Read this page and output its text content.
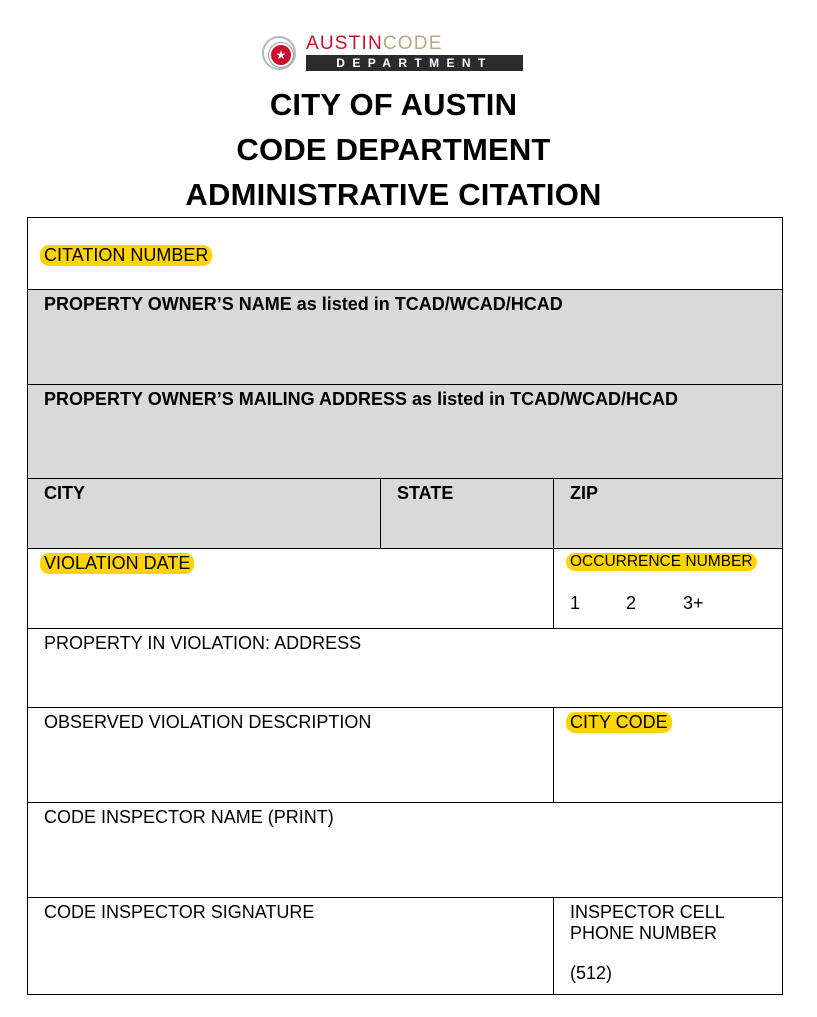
★
AUSTINCODE
DEPARTMENT
CITY OF AUSTIN
CODE DEPARTMENT
ADMINISTRATIVE CITATION
CITATION NUMBER
PROPERTY OWNER’S NAME as listed in TCAD/WCAD/HCAD
PROPERTY OWNER’S MAILING ADDRESS as listed in TCAD/WCAD/HCAD
CITY	STATE	ZIP
VIOLATION DATE	OCCURRENCE NUMBER
1	2	3+
PROPERTY IN VIOLATION: ADDRESS
OBSERVED VIOLATION DESCRIPTION	CITY CODE
CODE INSPECTOR NAME (PRINT)
CODE INSPECTOR SIGNATURE	INSPECTOR CELL
PHONE NUMBER
(512)
